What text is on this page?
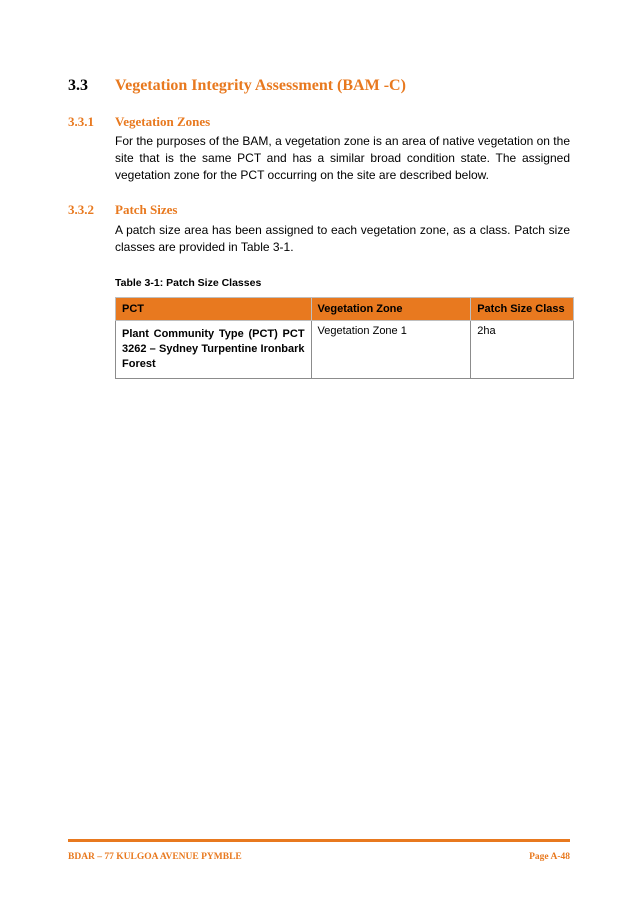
3.3 Vegetation Integrity Assessment (BAM -C)
3.3.1 Vegetation Zones

For the purposes of the BAM, a vegetation zone is an area of native vegetation on the site that is the same PCT and has a similar broad condition state. The assigned vegetation zone for the PCT occurring on the site are described below.

3.3.2 Patch Sizes

A patch size area has been assigned to each vegetation zone, as a class. Patch size classes are provided in Table 3-1.

Table 3-1: Patch Size Classes

PCT	Vegetation Zone	Patch Size Class
Plant Community Type (PCT) PCT 3262 – Sydney Turpentine Ironbark Forest	Vegetation Zone 1	2ha

BDAR – 77 KULGOA AVENUE PYMBLE	Page A-48
